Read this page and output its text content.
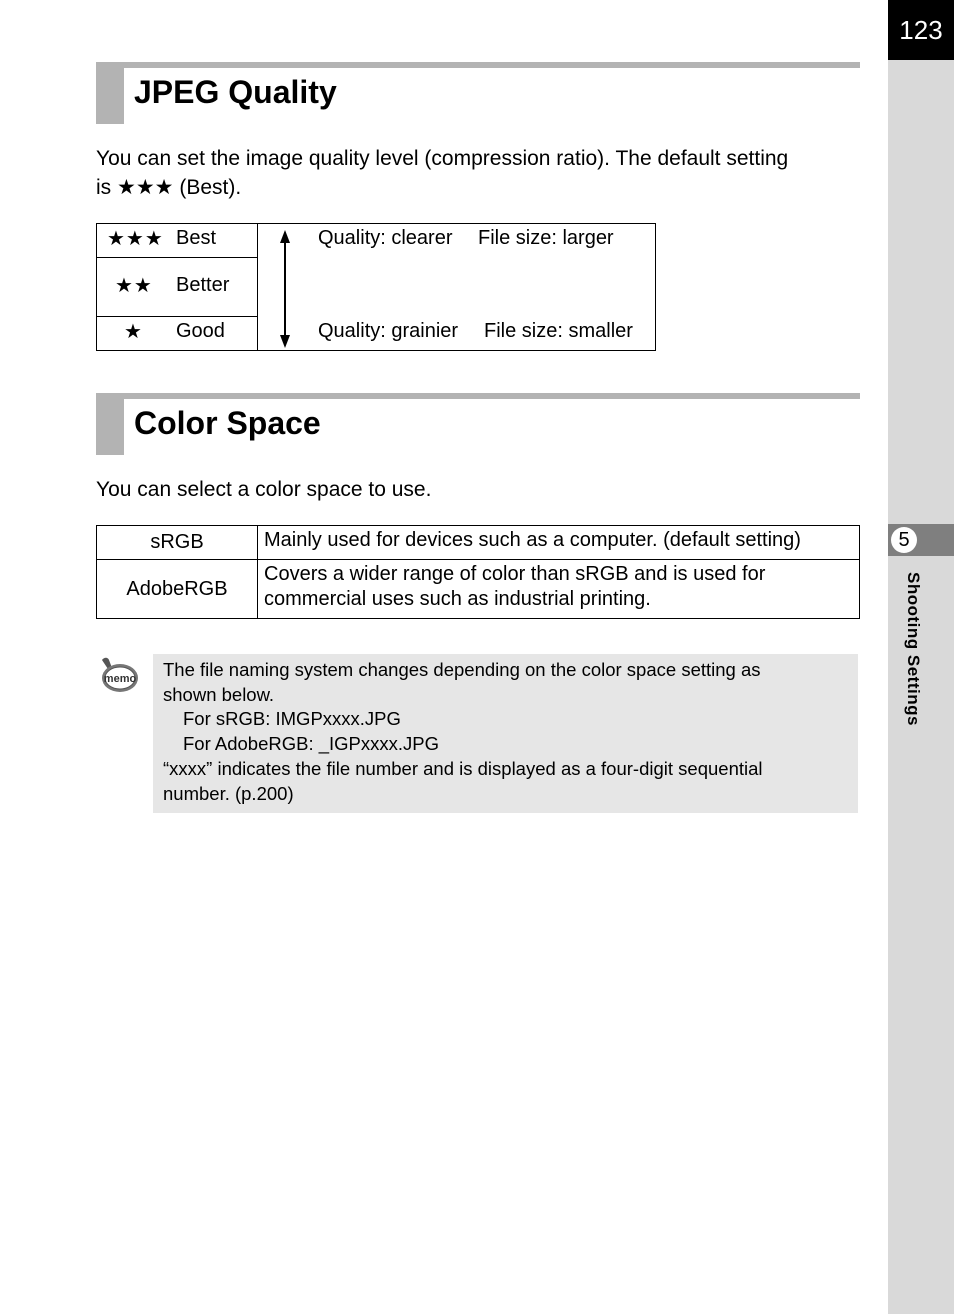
123
5
Shooting Settings
JPEG Quality
You can set the image quality level (compression ratio). The default setting
is ★★★ (Best).
★★★ Best
★★ Better
★ Good
Quality: clearer File size: larger
Quality: grainier File size: smaller
Color Space
You can select a color space to use.
sRGB	Mainly used for devices such as a computer. (default setting)
AdobeRGB
Covers a wider range of color than sRGB and is used for
commercial uses such as industrial printing.
memo The file naming system changes depending on the color space setting as
shown below.
For sRGB: IMGPxxxx.JPG
For AdobeRGB: _IGPxxxx.JPG
“xxxx” indicates the file number and is displayed as a four-digit sequential
number. (p.200)
